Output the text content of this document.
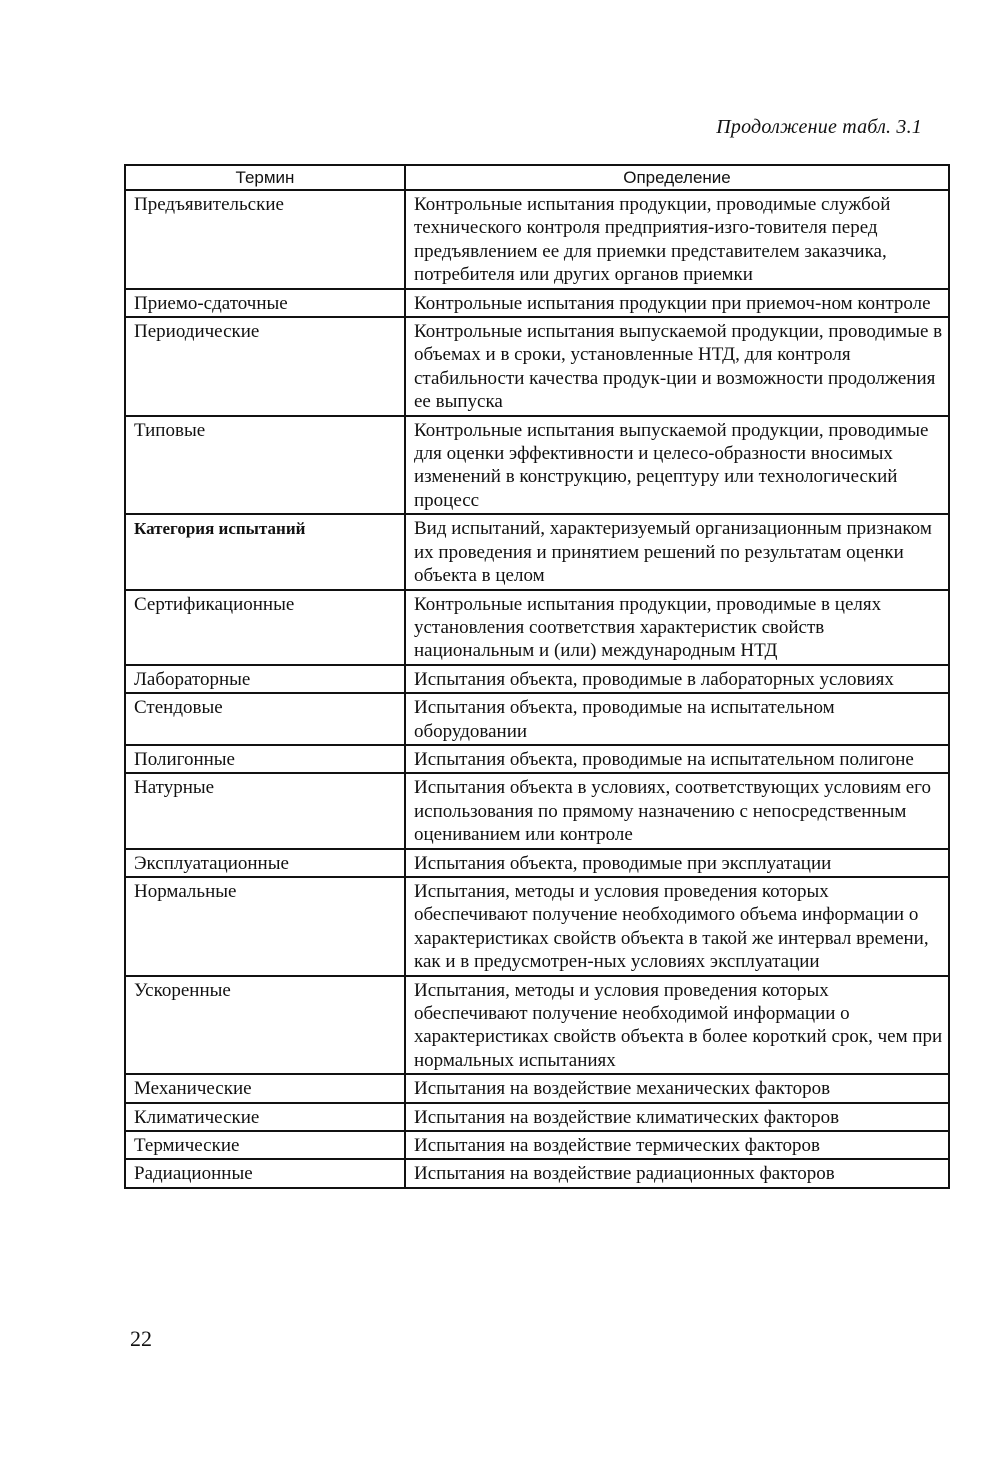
Продолжение табл. 3.1
Термин	Определение
Предъявительские	Контрольные испытания продукции, проводимые службой технического контроля предприятия-изго-товителя перед предъявлением ее для приемки представителем заказчика, потребителя или других органов приемки
Приемо-сдаточные	Контрольные испытания продукции при приемоч-ном контроле
Периодические	Контрольные испытания выпускаемой продукции, проводимые в объемах и в сроки, установленные НТД, для контроля стабильности качества продук-ции и возможности продолжения ее выпуска
Типовые	Контрольные испытания выпускаемой продукции, проводимые для оценки эффективности и целесо-образности вносимых изменений в конструкцию, рецептуру или технологический процесс
Категория испытаний	Вид испытаний, характеризуемый организационным признаком их проведения и принятием решений по результатам оценки объекта в целом
Сертификационные	Контрольные испытания продукции, проводимые в целях установления соответствия характеристик свойств национальным и (или) международным НТД
Лабораторные	Испытания объекта, проводимые в лабораторных условиях
Стендовые	Испытания объекта, проводимые на испытательном оборудовании
Полигонные	Испытания объекта, проводимые на испытательном полигоне
Натурные	Испытания объекта в условиях, соответствующих условиям его использования по прямому назначению с непосредственным оцениванием или контроле
Эксплуатационные	Испытания объекта, проводимые при эксплуатации
Нормальные	Испытания, методы и условия проведения которых обеспечивают получение необходимого объема информации о характеристиках свойств объекта в такой же интервал времени, как и в предусмотрен-ных условиях эксплуатации
Ускоренные	Испытания, методы и условия проведения которых обеспечивают получение необходимой информации о характеристиках свойств объекта в более короткий срок, чем при нормальных испытаниях
Механические	Испытания на воздействие механических факторов
Климатические	Испытания на воздействие климатических факторов
Термические	Испытания на воздействие термических факторов
Радиационные	Испытания на воздействие радиационных факторов
22
